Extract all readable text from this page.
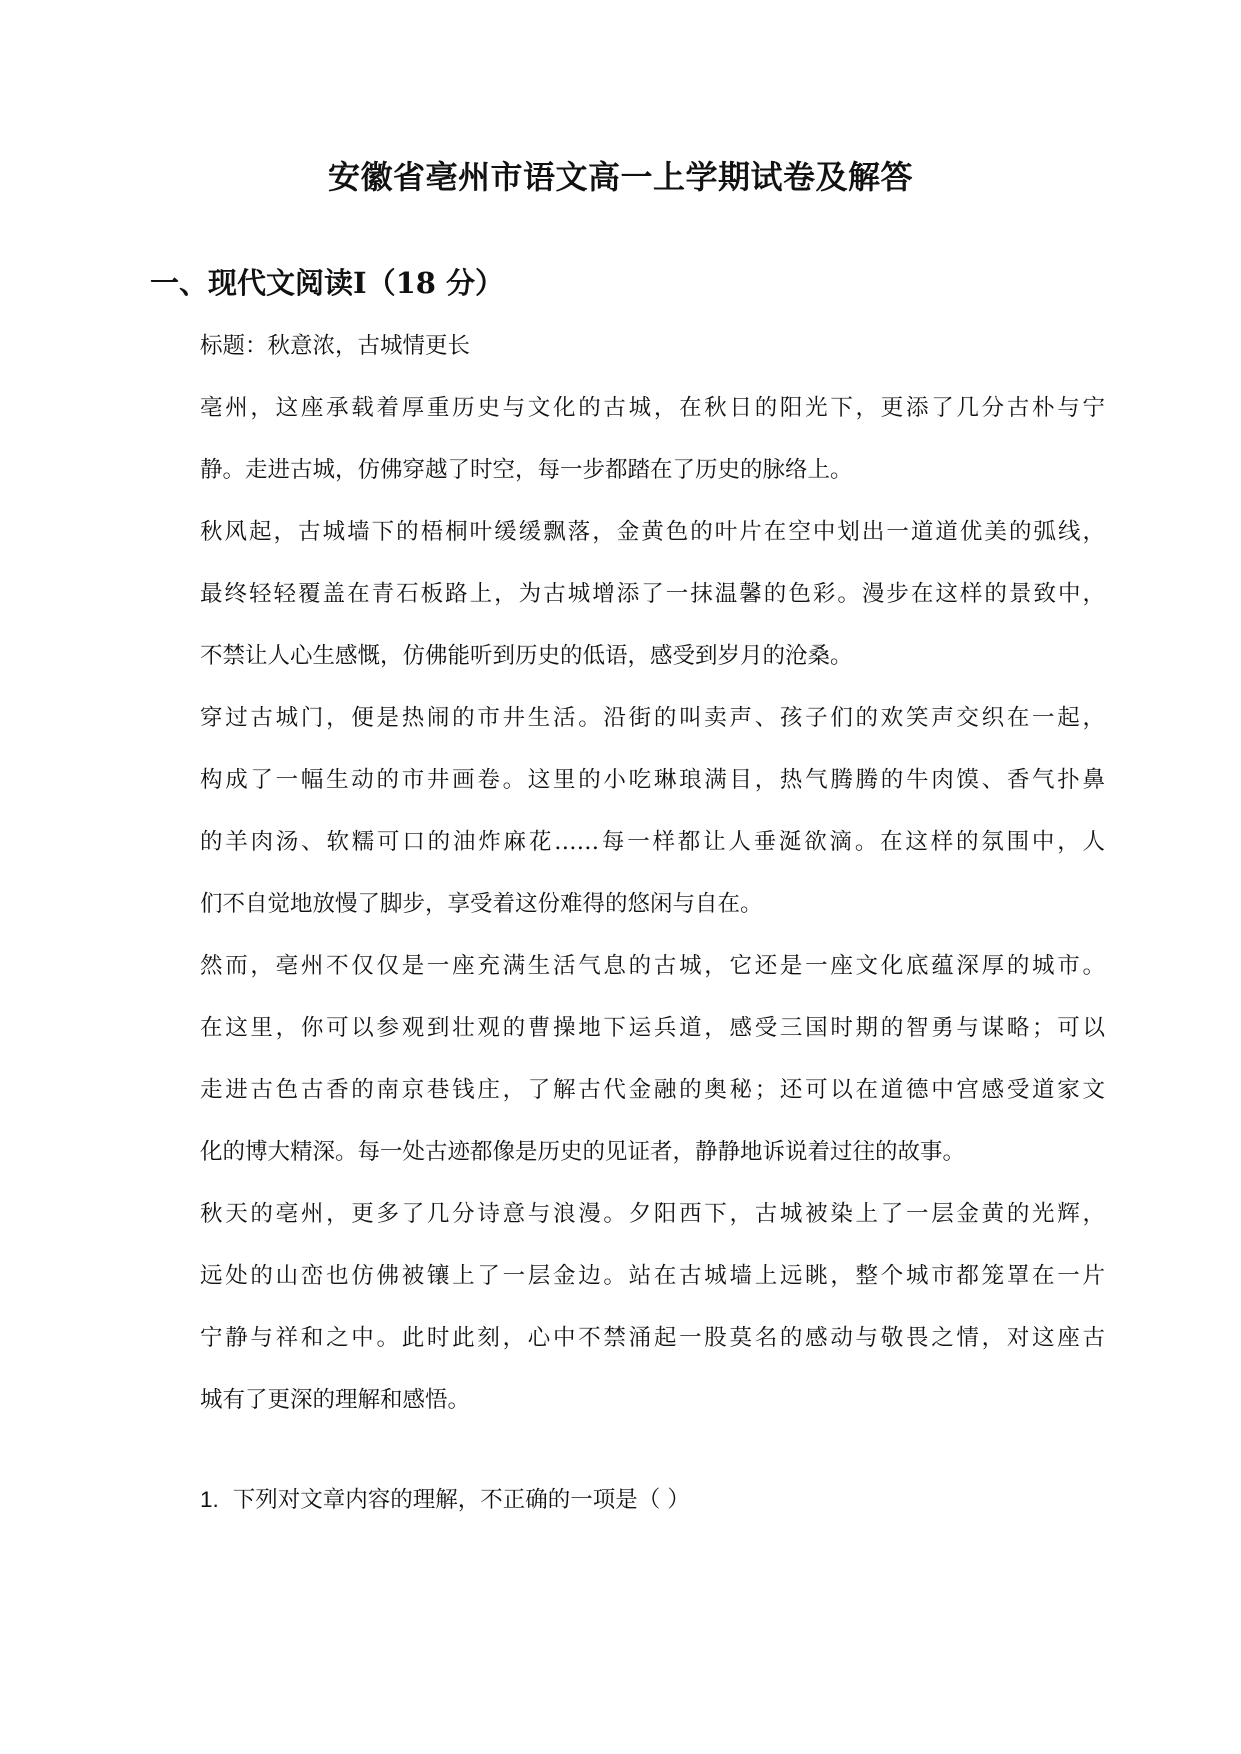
安徽省亳州市语文高一上学期试卷及解答
一、现代文阅读Ⅰ（18 分）
标题：秋意浓，古城情更长
亳州，这座承载着厚重历史与文化的古城，在秋日的阳光下，更添了几分古朴与宁
静。走进古城，仿佛穿越了时空，每一步都踏在了历史的脉络上。
秋风起，古城墙下的梧桐叶缓缓飘落，金黄色的叶片在空中划出一道道优美的弧线，
最终轻轻覆盖在青石板路上，为古城增添了一抹温馨的色彩。漫步在这样的景致中，
不禁让人心生感慨，仿佛能听到历史的低语，感受到岁月的沧桑。
穿过古城门，便是热闹的市井生活。沿街的叫卖声、孩子们的欢笑声交织在一起，
构成了一幅生动的市井画卷。这里的小吃琳琅满目，热气腾腾的牛肉馍、香气扑鼻
的羊肉汤、软糯可口的油炸麻花……每一样都让人垂涎欲滴。在这样的氛围中，人
们不自觉地放慢了脚步，享受着这份难得的悠闲与自在。
然而，亳州不仅仅是一座充满生活气息的古城，它还是一座文化底蕴深厚的城市。
在这里，你可以参观到壮观的曹操地下运兵道，感受三国时期的智勇与谋略；可以
走进古色古香的南京巷钱庄，了解古代金融的奥秘；还可以在道德中宫感受道家文
化的博大精深。每一处古迹都像是历史的见证者，静静地诉说着过往的故事。
秋天的亳州，更多了几分诗意与浪漫。夕阳西下，古城被染上了一层金黄的光辉，
远处的山峦也仿佛被镶上了一层金边。站在古城墙上远眺，整个城市都笼罩在一片
宁静与祥和之中。此时此刻，心中不禁涌起一股莫名的感动与敬畏之情，对这座古
城有了更深的理解和感悟。
1. 下列对文章内容的理解，不正确的一项是（ ）
